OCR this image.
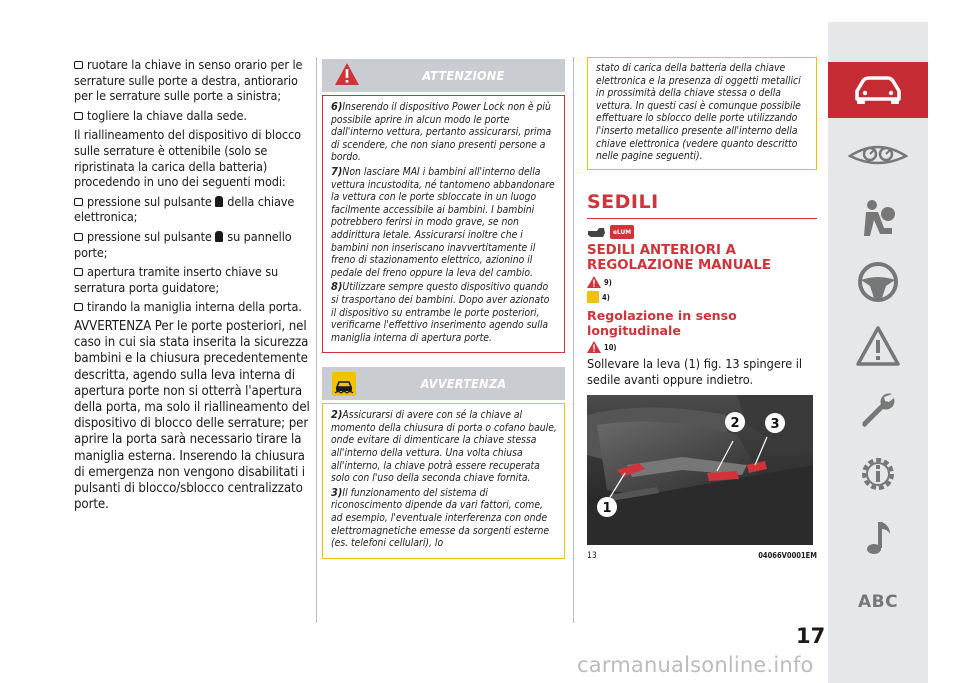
ruotare la chiave in senso orario per le serrature sulle porte a destra, antiorario per le serrature sulle porte a sinistra;

togliere la chiave dalla sede.

Il riallineamento del dispositivo di blocco sulle serrature è ottenibile (solo se ripristinata la carica della batteria) procedendo in uno dei seguenti modi:

pressione sul pulsante della chiave elettronica;

pressione sul pulsante su pannello porte;

apertura tramite inserto chiave su serratura porta guidatore;

tirando la maniglia interna della porta.

AVVERTENZA Per le porte posteriori, nel caso in cui sia stata inserita la sicurezza bambini e la chiusura precedentemente descritta, agendo sulla leva interna di apertura porte non si otterrà l'apertura della porta, ma solo il riallineamento del dispositivo di blocco delle serrature; per aprire la porta sarà necessario tirare la maniglia esterna. Inserendo la chiusura di emergenza non vengono disabilitati i pulsanti di blocco/sblocco centralizzato porte.

ATTENZIONE

6)Inserendo il dispositivo Power Lock non è più possibile aprire in alcun modo le porte dall'interno vettura, pertanto assicurarsi, prima di scendere, che non siano presenti persone a bordo.

7)Non lasciare MAI i bambini all'interno della vettura incustodita, né tantomeno abbandonare la vettura con le porte sbloccate in un luogo facilmente accessibile ai bambini. I bambini potrebbero ferirsi in modo grave, se non addirittura letale. Assicurarsi inoltre che i bambini non inseriscano inavvertitamente il freno di stazionamento elettrico, azionino il pedale del freno oppure la leva del cambio.

8)Utilizzare sempre questo dispositivo quando si trasportano dei bambini. Dopo aver azionato il dispositivo su entrambe le porte posteriori, verificarne l'effettivo inserimento agendo sulla maniglia interna di apertura porte.

AVVERTENZA

2)Assicurarsi di avere con sé la chiave al momento della chiusura di porta o cofano baule, onde evitare di dimenticare la chiave stessa all'interno della vettura. Una volta chiusa all'interno, la chiave potrà essere recuperata solo con l'uso della seconda chiave fornita.

3)Il funzionamento del sistema di riconoscimento dipende da vari fattori, come, ad esempio, l'eventuale interferenza con onde elettromagnetiche emesse da sorgenti esterne (es. telefoni cellulari), lo

stato di carica della batteria della chiave elettronica e la presenza di oggetti metallici in prossimità della chiave stessa o della vettura. In questi casi è comunque possibile effettuare lo sblocco delle porte utilizzando l'inserto metallico presente all'interno della chiave elettronica (vedere quanto descritto nelle pagine seguenti).
SEDILI
eLUM
SEDILI ANTERIORI A REGOLAZIONE MANUALE
9)
4)
Regolazione in senso longitudinale
10)
Sollevare la leva (1) fig. 13 spingere il sedile avanti oppure indietro.
1
2 3
13	04066V0001EM
ABC
17
carmanualsonline.info
